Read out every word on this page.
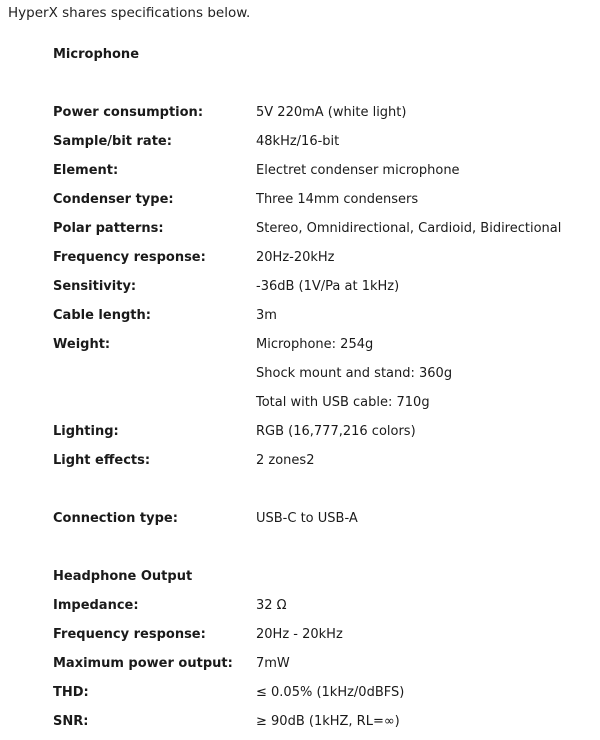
HyperX shares specifications below.
Microphone
Power consumption:	5V 220mA (white light)
Sample/bit rate:	48kHz/16-bit
Element:	Electret condenser microphone
Condenser type:	Three 14mm condensers
Polar patterns:	Stereo, Omnidirectional, Cardioid, Bidirectional
Frequency response:	20Hz-20kHz
Sensitivity:	-36dB (1V/Pa at 1kHz)
Cable length:	3m
Weight:	Microphone: 254g
Shock mount and stand: 360g
Total with USB cable: 710g
Lighting:	RGB (16,777,216 colors)
Light effects:	2 zones2
Connection type:	USB-C to USB-A
Headphone Output
Impedance:	32 Ω
Frequency response:	20Hz - 20kHz
Maximum power output:	7mW
THD:	≤ 0.05% (1kHz/0dBFS)
SNR:	≥ 90dB (1kHZ, RL=∞)
